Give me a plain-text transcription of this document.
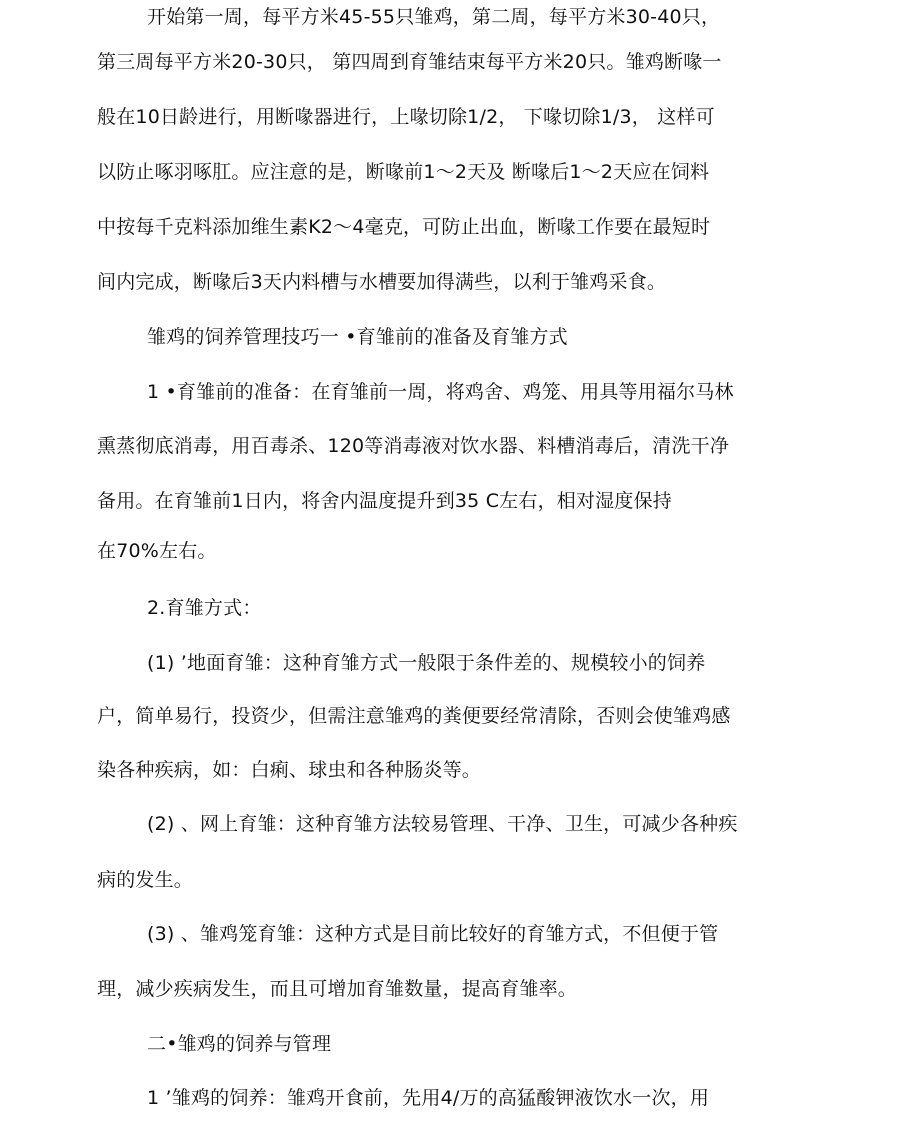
开始第一周，每平方米45-55只雏鸡，第二周，每平方米30-40只，
第三周每平方米20-30只， 第四周到育雏结束每平方米20只。雏鸡断喙一
般在10日龄进行，用断喙器进行，上喙切除1/2， 下喙切除1/3， 这样可
以防止啄羽啄肛。应注意的是，断喙前1～2天及 断喙后1～2天应在饲料
中按每千克料添加维生素K2～4毫克，可防止出血，断喙工作要在最短时
间内完成，断喙后3天内料槽与水槽要加得满些，以利于雏鸡采食。
雏鸡的饲养管理技巧一 •育雏前的准备及育雏方式
1 •育雏前的准备：在育雏前一周，将鸡舍、鸡笼、用具等用福尔马林
熏蒸彻底消毒，用百毒杀、120等消毒液对饮水器、料槽消毒后，清洗干净
备用。在育雏前1日内，将舍内温度提升到35 C左右，相对湿度保持
在70%左右。
2.育雏方式：
(1) ’地面育雏：这种育雏方式一般限于条件差的、规模较小的饲养
户，简单易行，投资少，但需注意雏鸡的粪便要经常清除，否则会使雏鸡感
染各种疾病，如：白痢、球虫和各种肠炎等。
(2) 、网上育雏：这种育雏方法较易管理、干净、卫生，可减少各种疾
病的发生。
(3) 、雏鸡笼育雏：这种方式是目前比较好的育雏方式，不但便于管
理，减少疾病发生，而且可增加育雏数量，提高育雏率。
二•雏鸡的饲养与管理
1 ’雏鸡的饲养：雏鸡开食前，先用4/万的高猛酸钾液饮水一次，用
